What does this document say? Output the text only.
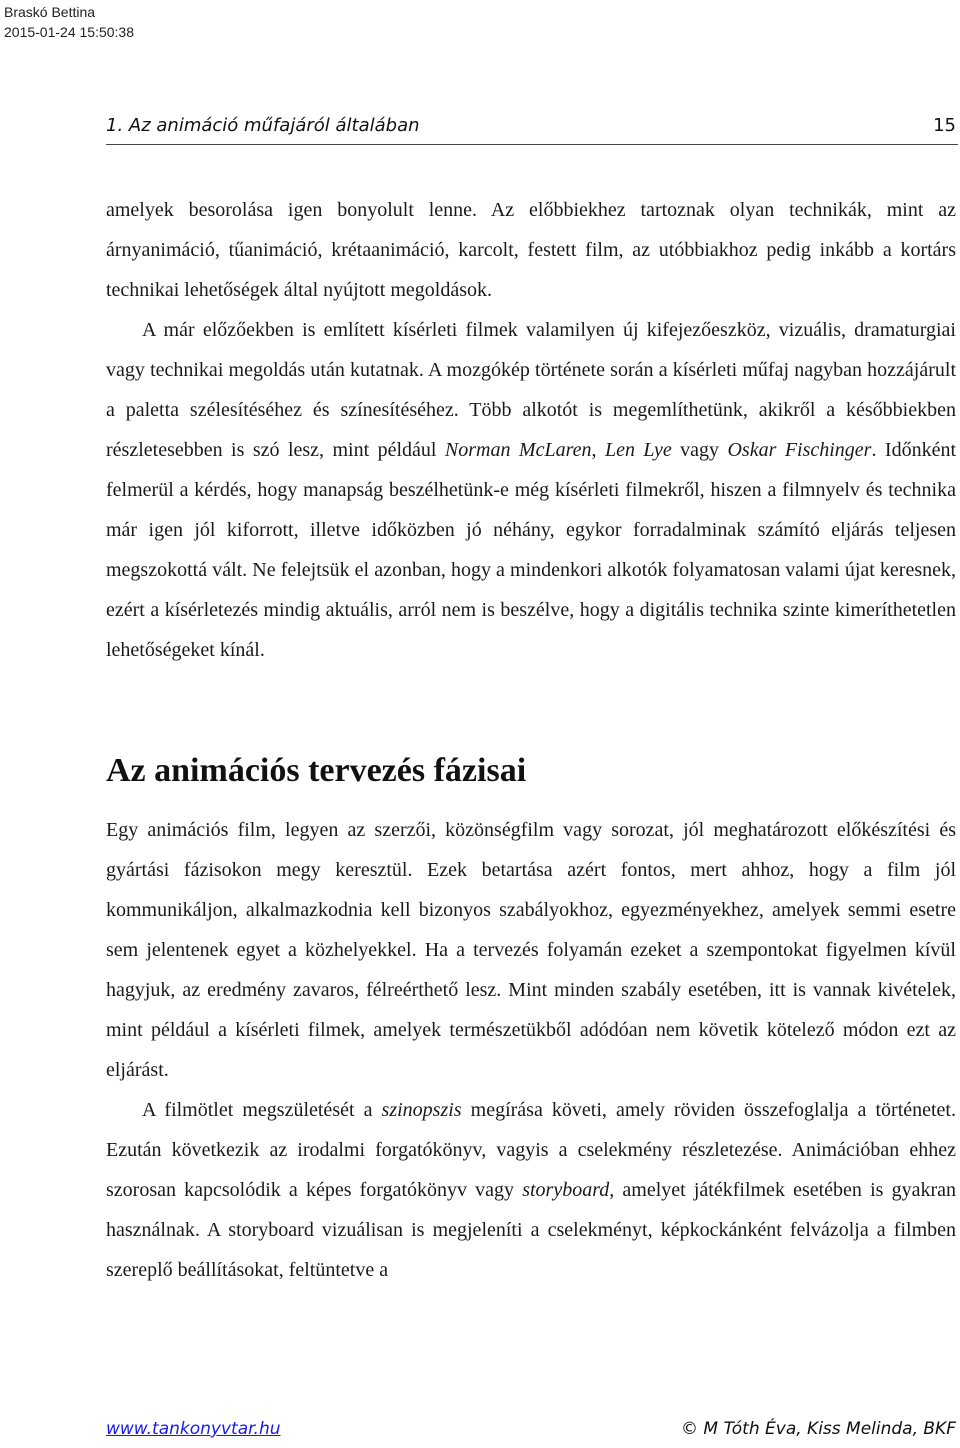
Braskó Bettina
2015-01-24 15:50:38
1. Az animáció műfajáról általában	15

amelyek besorolása igen bonyolult lenne. Az előbbiekhez tartoznak olyan technikák, mint az árnyanimáció, tűanimáció, krétaanimáció, karcolt, festett film, az utóbbiakhoz pedig inkább a kortárs technikai lehetőségek által nyújtott megoldások.

A már előzőekben is említett kísérleti filmek valamilyen új kifejezőeszköz, vizuális, dramaturgiai vagy technikai megoldás után kutatnak. A mozgókép története során a kísérleti műfaj nagyban hozzájárult a paletta szélesítéséhez és színesítéséhez. Több alkotót is megemlíthetünk, akikről a későbbiekben részletesebben is szó lesz, mint például Norman McLaren, Len Lye vagy Oskar Fischinger. Időnként felmerül a kérdés, hogy manapság beszélhetünk-e még kísérleti filmekről, hiszen a filmnyelv és technika már igen jól kiforrott, illetve időközben jó néhány, egykor forradalminak számító eljárás teljesen megszokottá vált. Ne felejtsük el azonban, hogy a mindenkori alkotók folyamatosan valami újat keresnek, ezért a kísérletezés mindig aktuális, arról nem is beszélve, hogy a digitális technika szinte kimeríthetetlen lehetőségeket kínál.

Az animációs tervezés fázisai

Egy animációs film, legyen az szerzői, közönségfilm vagy sorozat, jól meghatározott előkészítési és gyártási fázisokon megy keresztül. Ezek betartása azért fontos, mert ahhoz, hogy a film jól kommunikáljon, alkalmazkodnia kell bizonyos szabályokhoz, egyezményekhez, amelyek semmi esetre sem jelentenek egyet a közhelyekkel. Ha a tervezés folyamán ezeket a szempontokat figyelmen kívül hagyjuk, az eredmény zavaros, félreérthető lesz. Mint minden szabály esetében, itt is vannak kivételek, mint például a kísérleti filmek, amelyek természetükből adódóan nem követik kötelező módon ezt az eljárást.

A filmötlet megszületését a szinopszis megírása követi, amely röviden összefoglalja a történetet. Ezután következik az irodalmi forgatókönyv, vagyis a cselekmény részletezése. Animációban ehhez szorosan kapcsolódik a képes forgatókönyv vagy storyboard, amelyet játékfilmek esetében is gyakran használnak. A storyboard vizuálisan is megjeleníti a cselekményt, képkockánként felvázolja a filmben szereplő beállításokat, feltüntetve a

www.tankonyvtar.hu	© M Tóth Éva, Kiss Melinda, BKF
